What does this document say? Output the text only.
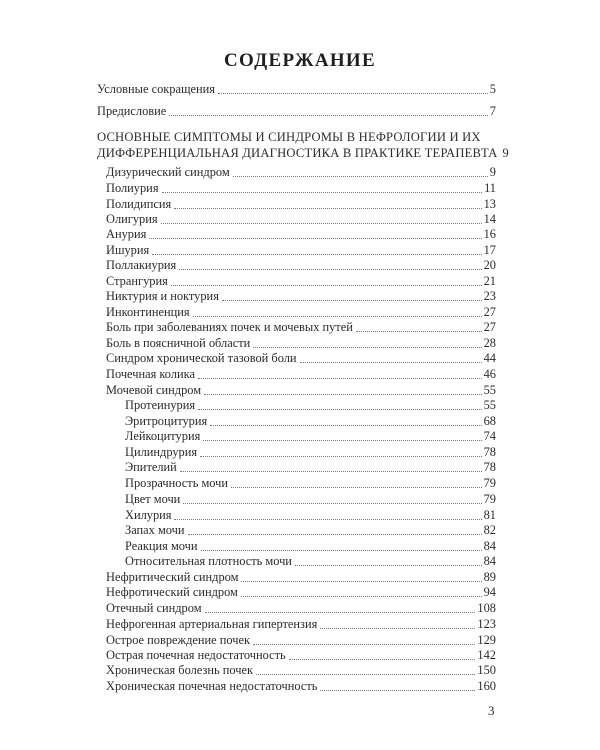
СОДЕРЖАНИЕ
Условные сокращения	5
Предисловие	7
ОСНОВНЫЕ СИМПТОМЫ И СИНДРОМЫ В НЕФРОЛОГИИ И ИХ
ДИФФЕРЕНЦИАЛЬНАЯ ДИАГНОСТИКА В ПРАКТИКЕ ТЕРАПЕВТА 9
Дизурический синдром	9
Полиурия	11
Полидипсия	13
Олигурия	14
Анурия	16
Ишурия	17
Поллакиурия	20
Странгурия	21
Никтурия и ноктурия	23
Инконтиненция	27
Боль при заболеваниях почек и мочевых путей	27
Боль в поясничной области	28
Синдром хронической тазовой боли	44
Почечная колика	46
Мочевой синдром	55
Протеинурия	55
Эритроцитурия	68
Лейкоцитурия	74
Цилиндрурия	78
Эпителий	78
Прозрачность мочи	79
Цвет мочи	79
Хилурия	81
Запах мочи	82
Реакция мочи	84
Относительная плотность мочи	84
Нефритический синдром	89
Нефротический синдром	94
Отечный синдром	108
Нефрогенная артериальная гипертензия	123
Острое повреждение почек	129
Острая почечная недостаточность	142
Хроническая болезнь почек	150
Хроническая почечная недостаточность	160
3
